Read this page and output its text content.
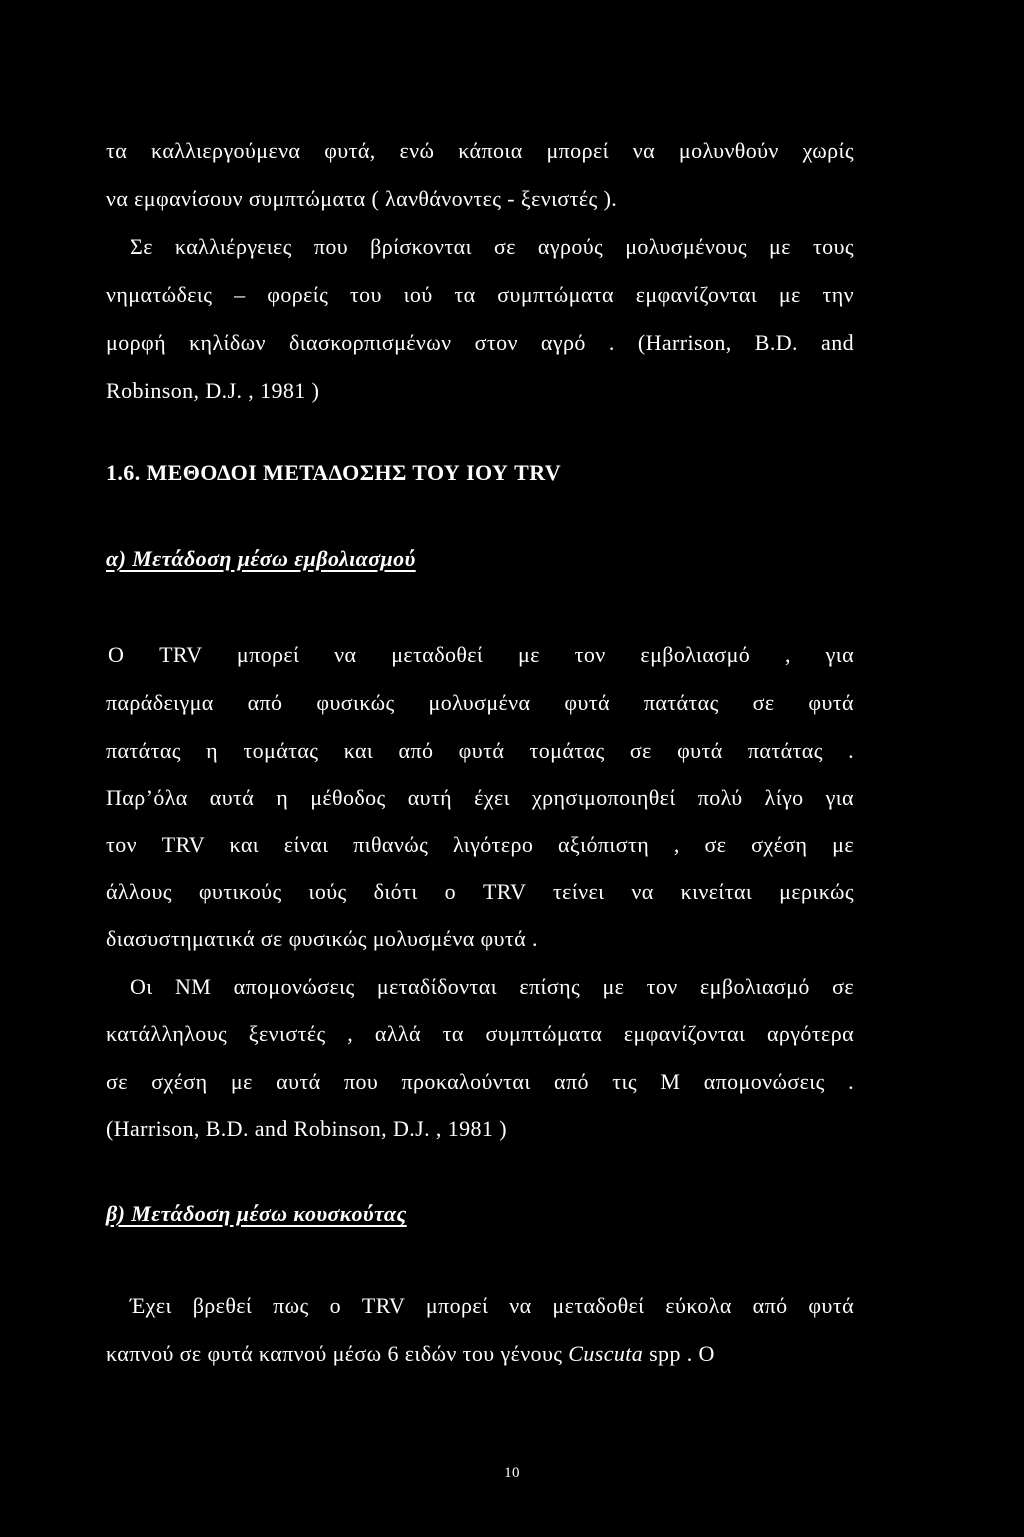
τα καλλιεργούμενα φυτά, ενώ κάποια μπορεί να μολυνθούν χωρίς
να εμφανίσουν συμπτώματα ( λανθάνοντες - ξενιστές ).
Σε καλλιέργειες που βρίσκονται σε αγρούς μολυσμένους με τους
νηματώδεις – φορείς του ιού τα συμπτώματα εμφανίζονται με την
μορφή κηλίδων διασκορπισμένων στον αγρό . (Harrison, B.D. and
Robinson, D.J. , 1981 )
1.6. ΜΕΘΟΔΟΙ ΜΕΤΑΔΟΣΗΣ ΤΟΥ ΙΟΥ TRV
α) Μετάδοση μέσω εμβολιασμού
Ο TRV μπορεί να μεταδοθεί με τον εμβολιασμό , για
παράδειγμα από φυσικώς μολυσμένα φυτά πατάτας σε φυτά
πατάτας η τομάτας και από φυτά τομάτας σε φυτά πατάτας .
Παρ’όλα αυτά η μέθοδος αυτή έχει χρησιμοποιηθεί πολύ λίγο για
τον TRV και είναι πιθανώς λιγότερο αξιόπιστη , σε σχέση με
άλλους φυτικούς ιούς διότι ο TRV τείνει να κινείται μερικώς
διασυστηματικά σε φυσικώς μολυσμένα φυτά .
Οι NM απομονώσεις μεταδίδονται επίσης με τον εμβολιασμό σε
κατάλληλους ξενιστές , αλλά τα συμπτώματα εμφανίζονται αργότερα
σε σχέση με αυτά που προκαλούνται από τις Μ απομονώσεις .
(Harrison, B.D. and Robinson, D.J. , 1981 )
β) Μετάδοση μέσω κουσκούτας
Έχει βρεθεί πως ο TRV μπορεί να μεταδοθεί εύκολα από φυτά
καπνού σε φυτά καπνού μέσω 6 ειδών του γένους Cuscuta spp . Ο
10
